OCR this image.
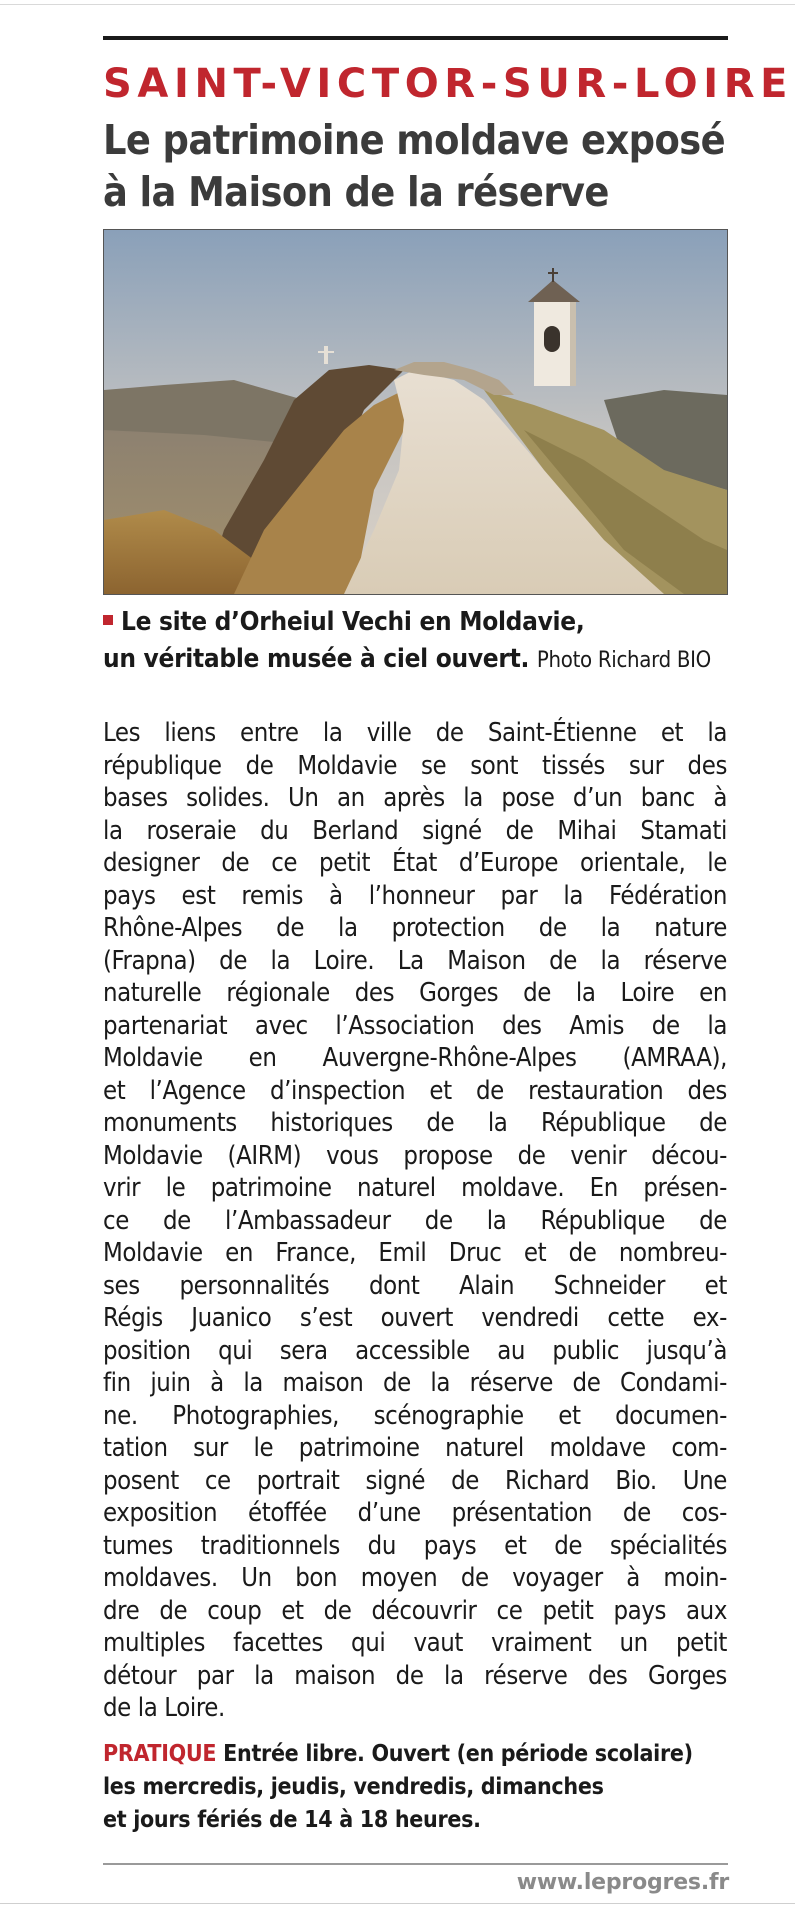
SAINT-VICTOR-SUR-LOIRE
Le patrimoine moldave exposé
à la Maison de la réserve
Le site d’Orheiul Vechi en Moldavie,
un véritable musée à ciel ouvert. Photo Richard BIO
Les liens entre la ville de Saint-Étienne et la
république de Moldavie se sont tissés sur des
bases solides. Un an après la pose d’un banc à
la roseraie du Berland signé de Mihai Stamati
designer de ce petit État d’Europe orientale, le
pays est remis à l’honneur par la Fédération
Rhône-Alpes de la protection de la nature
(Frapna) de la Loire. La Maison de la réserve
naturelle régionale des Gorges de la Loire en
partenariat avec l’Association des Amis de la
Moldavie en Auvergne-Rhône-Alpes (AMRAA),
et l’Agence d’inspection et de restauration des
monuments historiques de la République de
Moldavie (AIRM) vous propose de venir décou-
vrir le patrimoine naturel moldave. En présen-
ce de l’Ambassadeur de la République de
Moldavie en France, Emil Druc et de nombreu-
ses personnalités dont Alain Schneider et
Régis Juanico s’est ouvert vendredi cette ex-
position qui sera accessible au public jusqu’à
fin juin à la maison de la réserve de Condami-
ne. Photographies, scénographie et documen-
tation sur le patrimoine naturel moldave com-
posent ce portrait signé de Richard Bio. Une
exposition étoffée d’une présentation de cos-
tumes traditionnels du pays et de spécialités
moldaves. Un bon moyen de voyager à moin-
dre de coup et de découvrir ce petit pays aux
multiples facettes qui vaut vraiment un petit
détour par la maison de la réserve des Gorges
de la Loire.
PRATIQUE Entrée libre. Ouvert (en période scolaire)
les mercredis, jeudis, vendredis, dimanches
et jours fériés de 14 à 18 heures.
www.leprogres.fr
